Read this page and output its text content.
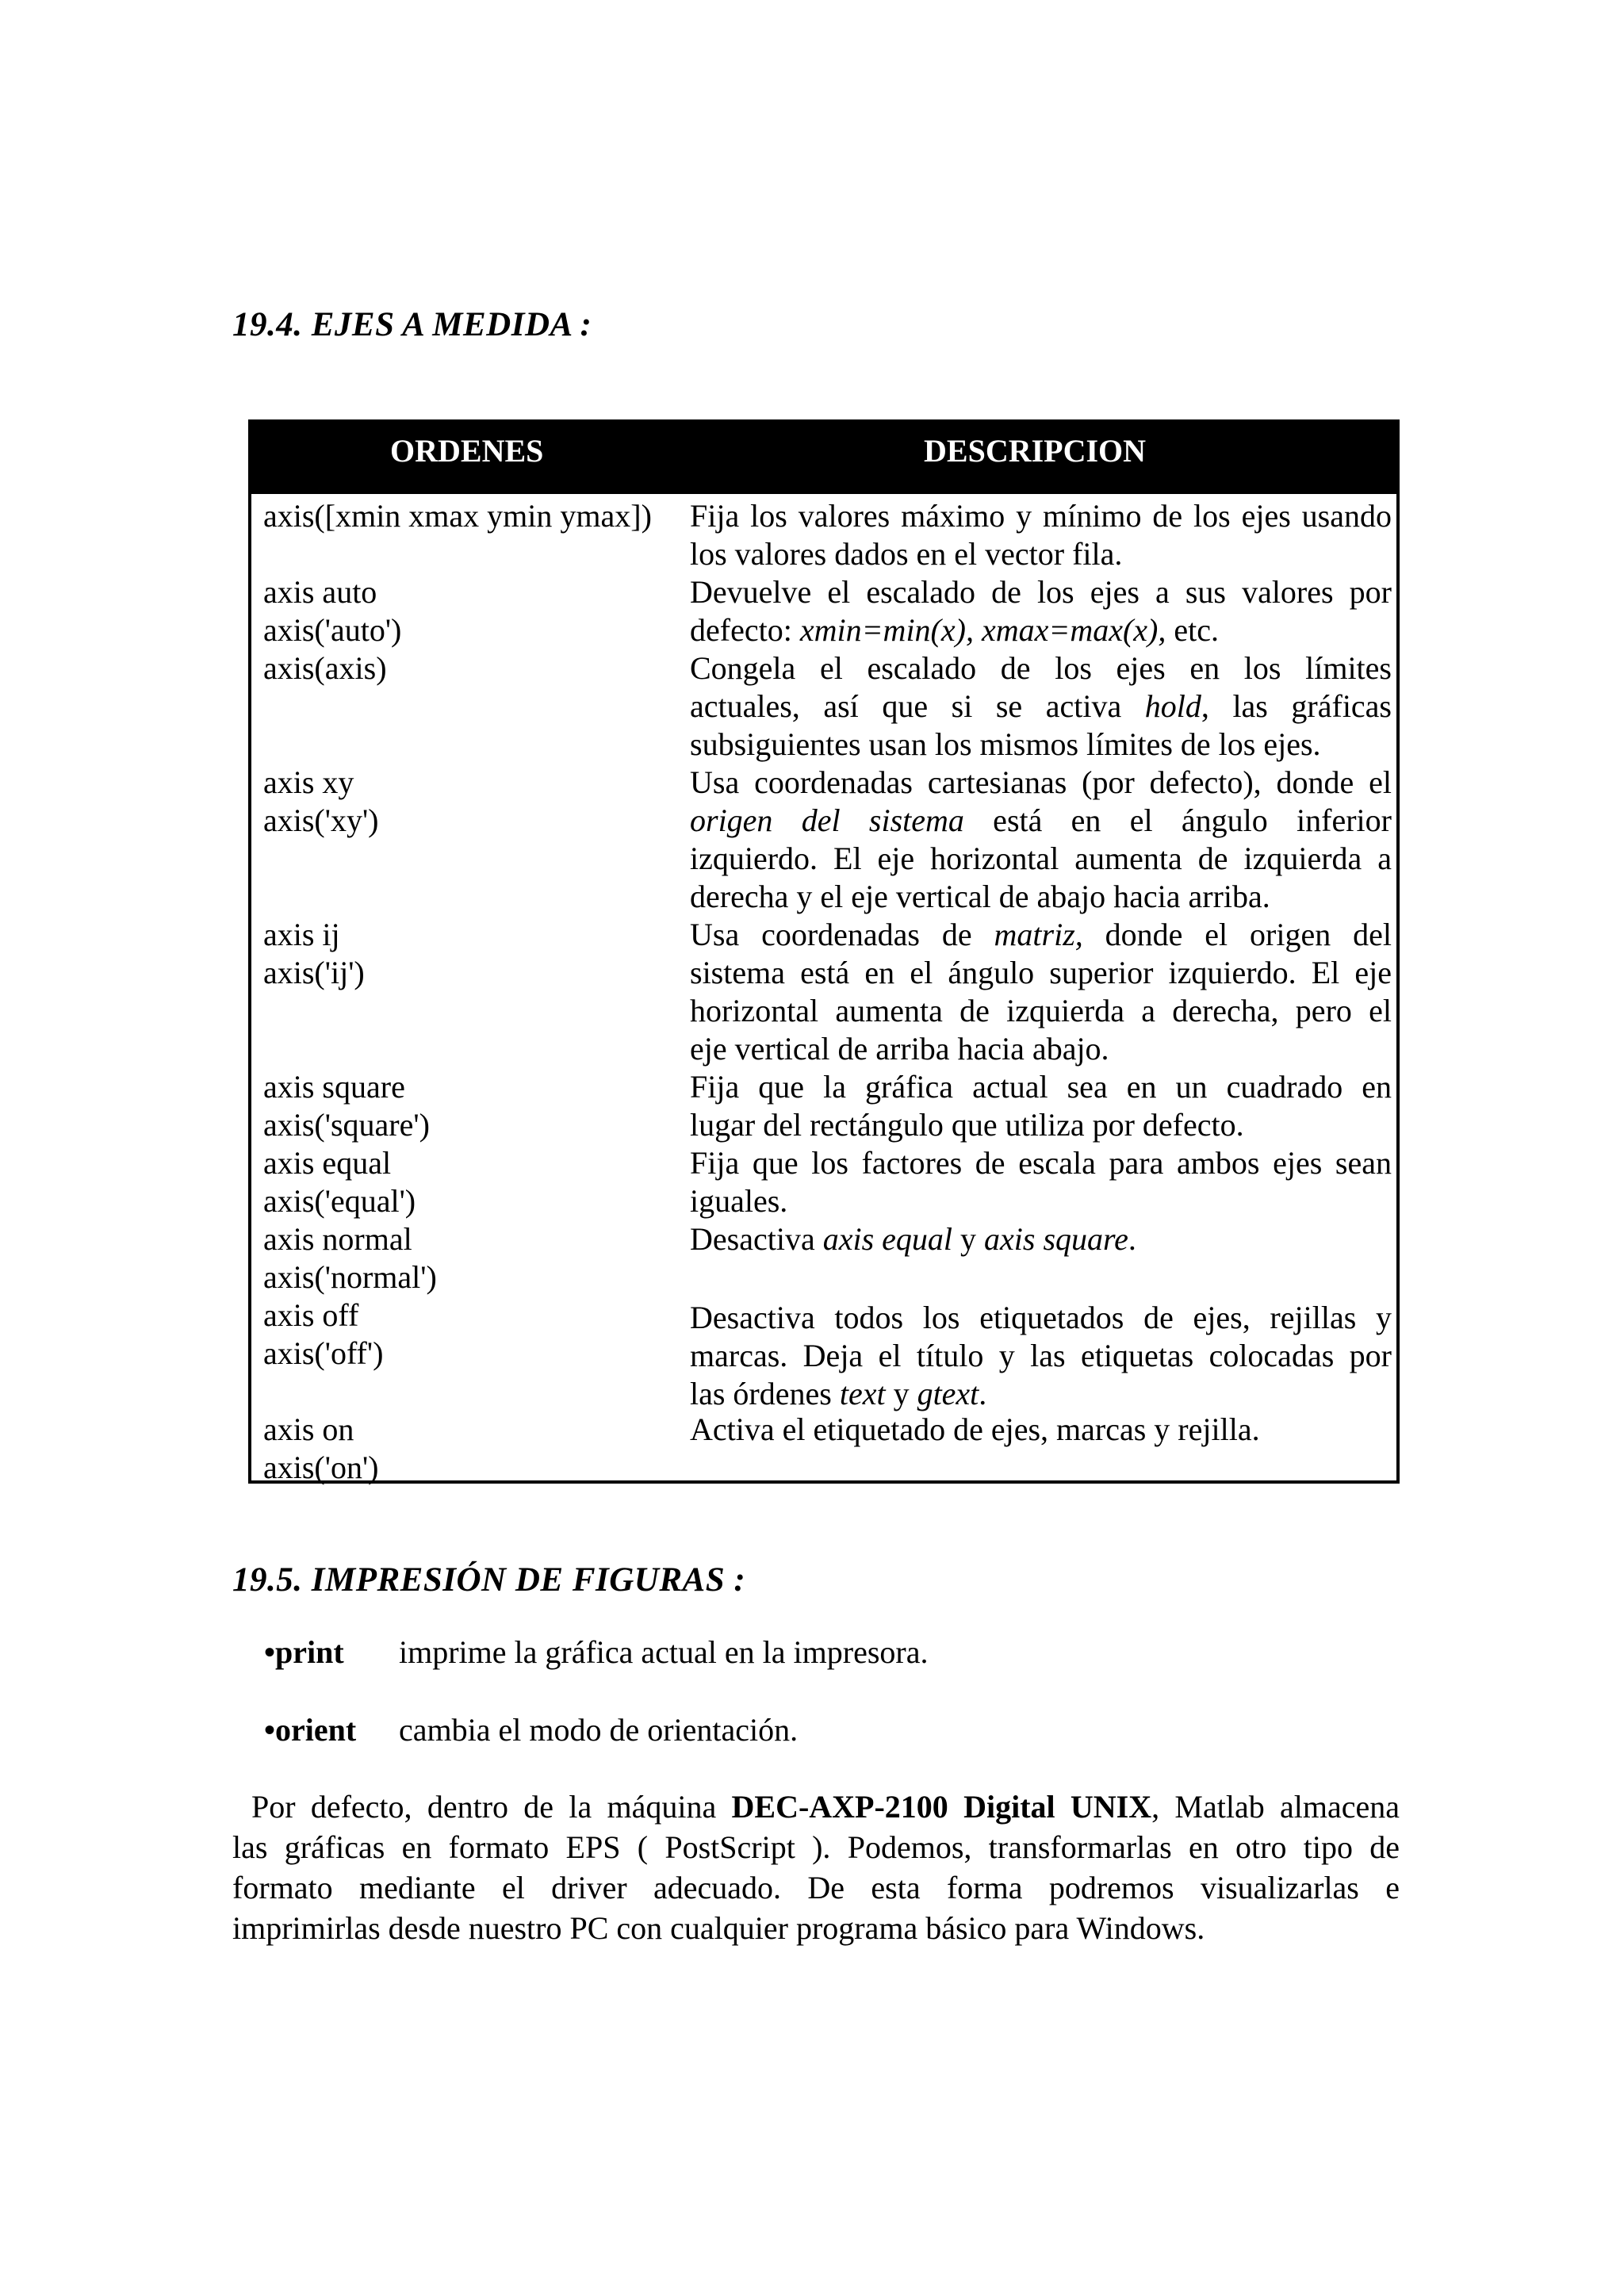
19.4. EJES A MEDIDA :
ORDENES	DESCRIPCION
axis([xmin xmax ymin ymax]) Fija los valores máximo y mínimo de los ejes usando
los valores dados en el vector fila.
axis auto
axis('auto')
Devuelve el escalado de los ejes a sus valores por
defecto: xmin=min(x), xmax=max(x), etc.
axis(axis)	Congela el escalado de los ejes en los límites
actuales, así que si se activa hold, las gráficas
subsiguientes usan los mismos límites de los ejes.
axis xy
axis('xy')
Usa coordenadas cartesianas (por defecto), donde el
origen del sistema está en el ángulo inferior
izquierdo. El eje horizontal aumenta de izquierda a
derecha y el eje vertical de abajo hacia arriba.
axis ij
axis('ij')
Usa coordenadas de matriz, donde el origen del
sistema está en el ángulo superior izquierdo. El eje
horizontal aumenta de izquierda a derecha, pero el
eje vertical de arriba hacia abajo.
axis square
axis('square')
Fija que la gráfica actual sea en un cuadrado en
lugar del rectángulo que utiliza por defecto.
axis equal
axis('equal')
Fija que los factores de escala para ambos ejes sean
iguales.
axis normal
axis('normal')
Desactiva axis equal y axis square.
axis off
axis('off')
Desactiva todos los etiquetados de ejes, rejillas y
marcas. Deja el título y las etiquetas colocadas por
las órdenes text y gtext.
axis on
axis('on')
Activa el etiquetado de ejes, marcas y rejilla.
19.5. IMPRESIÓN DE FIGURAS :
•print imprime la gráfica actual en la impresora.
•orient cambia el modo de orientación.
Por defecto, dentro de la máquina DEC-AXP-2100 Digital UNIX, Matlab almacena
las gráficas en formato EPS ( PostScript ). Podemos, transformarlas en otro tipo de
formato mediante el driver adecuado. De esta forma podremos visualizarlas e
imprimirlas desde nuestro PC con cualquier programa básico para Windows.
